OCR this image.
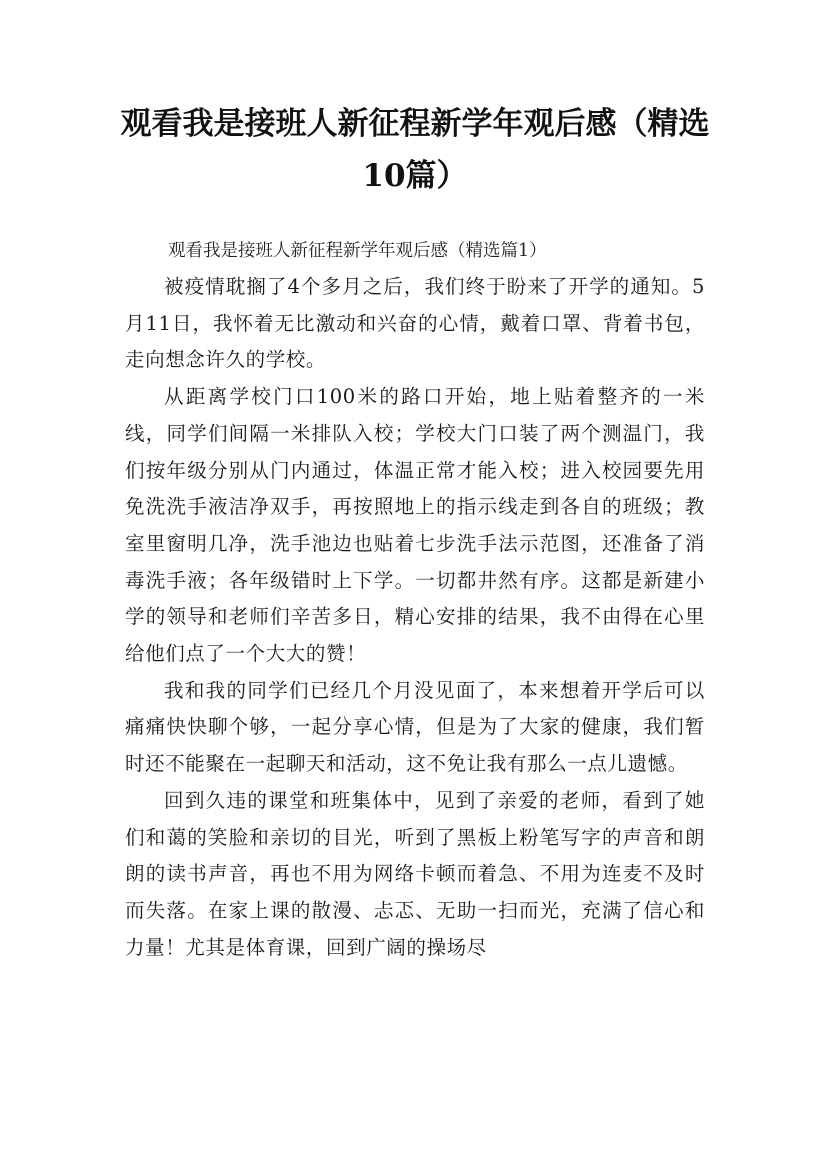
观看我是接班人新征程新学年观后感（精选10篇）

观看我是接班人新征程新学年观后感（精选篇1）

被疫情耽搁了4个多月之后，我们终于盼来了开学的通知。5月11日，我怀着无比激动和兴奋的心情，戴着口罩、背着书包，走向想念许久的学校。

从距离学校门口100米的路口开始，地上贴着整齐的一米线，同学们间隔一米排队入校；学校大门口装了两个测温门，我们按年级分别从门内通过，体温正常才能入校；进入校园要先用免洗洗手液洁净双手，再按照地上的指示线走到各自的班级；教室里窗明几净，洗手池边也贴着七步洗手法示范图，还准备了消毒洗手液；各年级错时上下学。一切都井然有序。这都是新建小学的领导和老师们辛苦多日，精心安排的结果，我不由得在心里给他们点了一个大大的赞！

我和我的同学们已经几个月没见面了，本来想着开学后可以痛痛快快聊个够，一起分享心情，但是为了大家的健康，我们暂时还不能聚在一起聊天和活动，这不免让我有那么一点儿遗憾。

回到久违的课堂和班集体中，见到了亲爱的老师，看到了她们和蔼的笑脸和亲切的目光，听到了黑板上粉笔写字的声音和朗朗的读书声音，再也不用为网络卡顿而着急、不用为连麦不及时而失落。在家上课的散漫、忐忑、无助一扫而光，充满了信心和力量！尤其是体育课，回到广阔的操场尽
